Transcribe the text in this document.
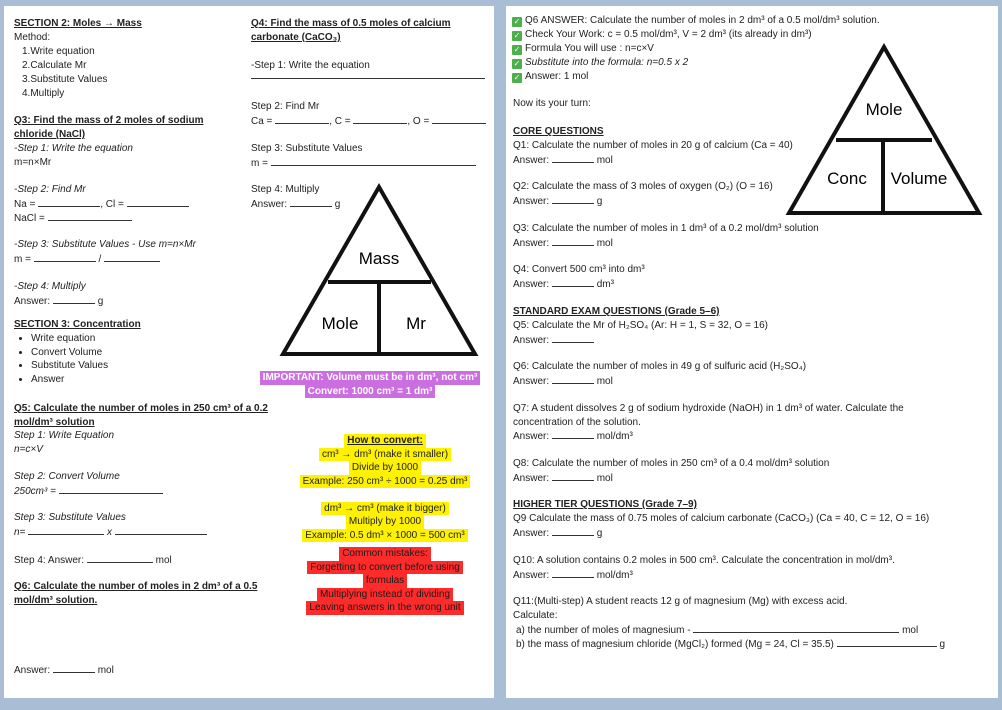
SECTION 2: Moles → Mass
Method:
1.Write equation
2.Calculate Mr
3.Substitute Values
4.Multiply
Q3: Find the mass of 2 moles of sodium
chloride (NaCl)
-Step 1: Write the equation
m=n×Mr
-Step 2: Find Mr
Na =	, Cl =
NaCl =
-Step 3: Substitute Values - Use m=n×Mr
m =	/
-Step 4: Multiply
Answer:	g
SECTION 3: Concentration
• Write equation
• Convert Volume
• Substitute Values
• Answer
Q5: Calculate the number of moles in 250 cm³ of a 0.2
mol/dm³ solution
Step 1: Write Equation
n=c×V
Step 2: Convert Volume
250cm³ =
Step 3: Substitute Values
n=	x
Step 4: Answer:	mol
Q6: Calculate the number of moles in 2 dm³ of a 0.5
mol/dm³ solution.
Answer:	mol
Q4: Find the mass of 0.5 moles of calcium
carbonate (CaCO₃)
-Step 1: Write the equation
Step 2: Find Mr
Ca =	, C =	, O =
Step 3: Substitute Values
m =
Step 4: Multiply
Answer:	g
Mass
Mole	Mr
IMPORTANT: Volume must be in dm³, not cm³
Convert: 1000 cm³ = 1 dm³
How to convert:
cm³ → dm³ (make it smaller)
Divide by 1000
Example: 250 cm³ ÷ 1000 = 0.25 dm³

dm³ → cm³ (make it bigger)
Multiply by 1000
Example: 0.5 dm³ × 1000 = 500 cm³
Common mistakes:
Forgetting to convert before using
formulas
Multiplying instead of dividing
Leaving answers in the wrong unit
✓ Q6 ANSWER: Calculate the number of moles in 2 dm³ of a 0.5 mol/dm³ solution.
✓ Check Your Work: c = 0.5 mol/dm³, V = 2 dm³ (its already in dm³)
✓ Formula You will use : n=c×V
✓ Substitute into the formula: n=0.5 x 2
✓ Answer: 1 mol
Now its your turn:	Mole
Conc Volume
CORE QUESTIONS
Q1: Calculate the number of moles in 20 g of calcium (Ca = 40)
Answer:	mol
Q2: Calculate the mass of 3 moles of oxygen (O₂) (O = 16)
Answer:	g
Q3: Calculate the number of moles in 1 dm³ of a 0.2 mol/dm³ solution
Answer:	mol
Q4: Convert 500 cm³ into dm³
Answer:	dm³
STANDARD EXAM QUESTIONS (Grade 5–6)
Q5: Calculate the Mr of H₂SO₄ (Ar: H = 1, S = 32, O = 16)
Answer:
Q6: Calculate the number of moles in 49 g of sulfuric acid (H₂SO₄)
Answer:	mol
Q7: A student dissolves 2 g of sodium hydroxide (NaOH) in 1 dm³ of water. Calculate the
concentration of the solution.
Answer:	mol/dm³
Q8: Calculate the number of moles in 250 cm³ of a 0.4 mol/dm³ solution
Answer:	mol
HIGHER TIER QUESTIONS (Grade 7–9)
Q9 Calculate the mass of 0.75 moles of calcium carbonate (CaCO₃) (Ca = 40, C = 12, O = 16)
Answer:	g
Q10: A solution contains 0.2 moles in 500 cm³. Calculate the concentration in mol/dm³.
Answer:	mol/dm³
Q11:(Multi-step) A student reacts 12 g of magnesium (Mg) with excess acid.
Calculate:
a) the number of moles of magnesium -	mol
b) the mass of magnesium chloride (MgCl₂) formed (Mg = 24, Cl = 35.5)	g
